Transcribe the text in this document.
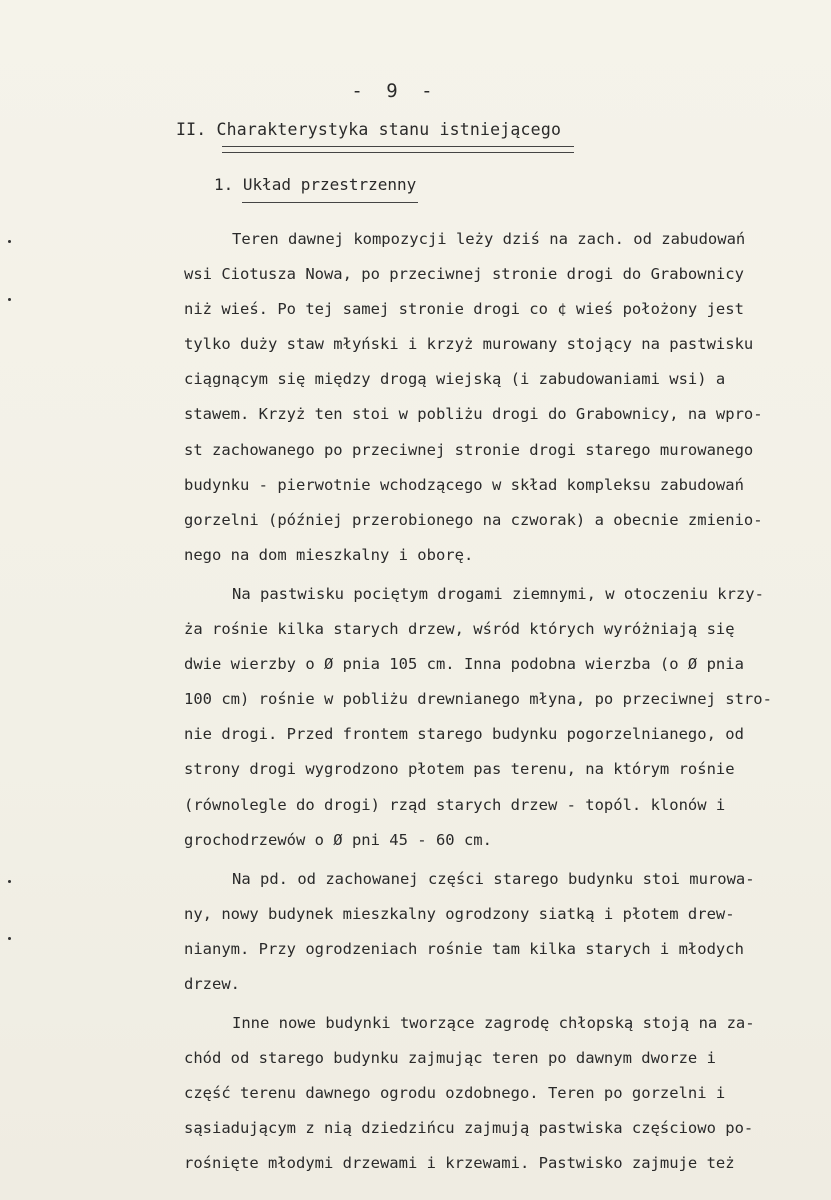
- 9 -
II. Charakterystyka stanu istniejącego
1. Układ przestrzenny
Teren dawnej kompozycji leży dziś na zach. od zabudowań
wsi Ciotusza Nowa, po przeciwnej stronie drogi do Grabownicy
niż wieś. Po tej samej stronie drogi co ¢ wieś położony jest
tylko duży staw młyński i krzyż murowany stojący na pastwisku
ciągnącym się między drogą wiejską (i zabudowaniami wsi) a
stawem. Krzyż ten stoi w pobliżu drogi do Grabownicy, na wpro-
st zachowanego po przeciwnej stronie drogi starego murowanego
budynku - pierwotnie wchodzącego w skład kompleksu zabudowań
gorzelni (później przerobionego na czworak) a obecnie zmienio-
nego na dom mieszkalny i oborę.
Na pastwisku pociętym drogami ziemnymi, w otoczeniu krzy-
ża rośnie kilka starych drzew, wśród których wyróżniają się
dwie wierzby o Ø pnia 105 cm. Inna podobna wierzba (o Ø pnia
100 cm) rośnie w pobliżu drewnianego młyna, po przeciwnej stro-
nie drogi. Przed frontem starego budynku pogorzelnianego, od
strony drogi wygrodzono płotem pas terenu, na którym rośnie
(równolegle do drogi) rząd starych drzew - topól. klonów i
grochodrzewów o Ø pni 45 - 60 cm.
Na pd. od zachowanej części starego budynku stoi murowa-
ny, nowy budynek mieszkalny ogrodzony siatką i płotem drew-
nianym. Przy ogrodzeniach rośnie tam kilka starych i młodych
drzew.
Inne nowe budynki tworzące zagrodę chłopską stoją na za-
chód od starego budynku zajmując teren po dawnym dworze i
część terenu dawnego ogrodu ozdobnego. Teren po gorzelni i
sąsiadującym z nią dziedzińcu zajmują pastwiska częściowo po-
rośnięte młodymi drzewami i krzewami. Pastwisko zajmuje też
